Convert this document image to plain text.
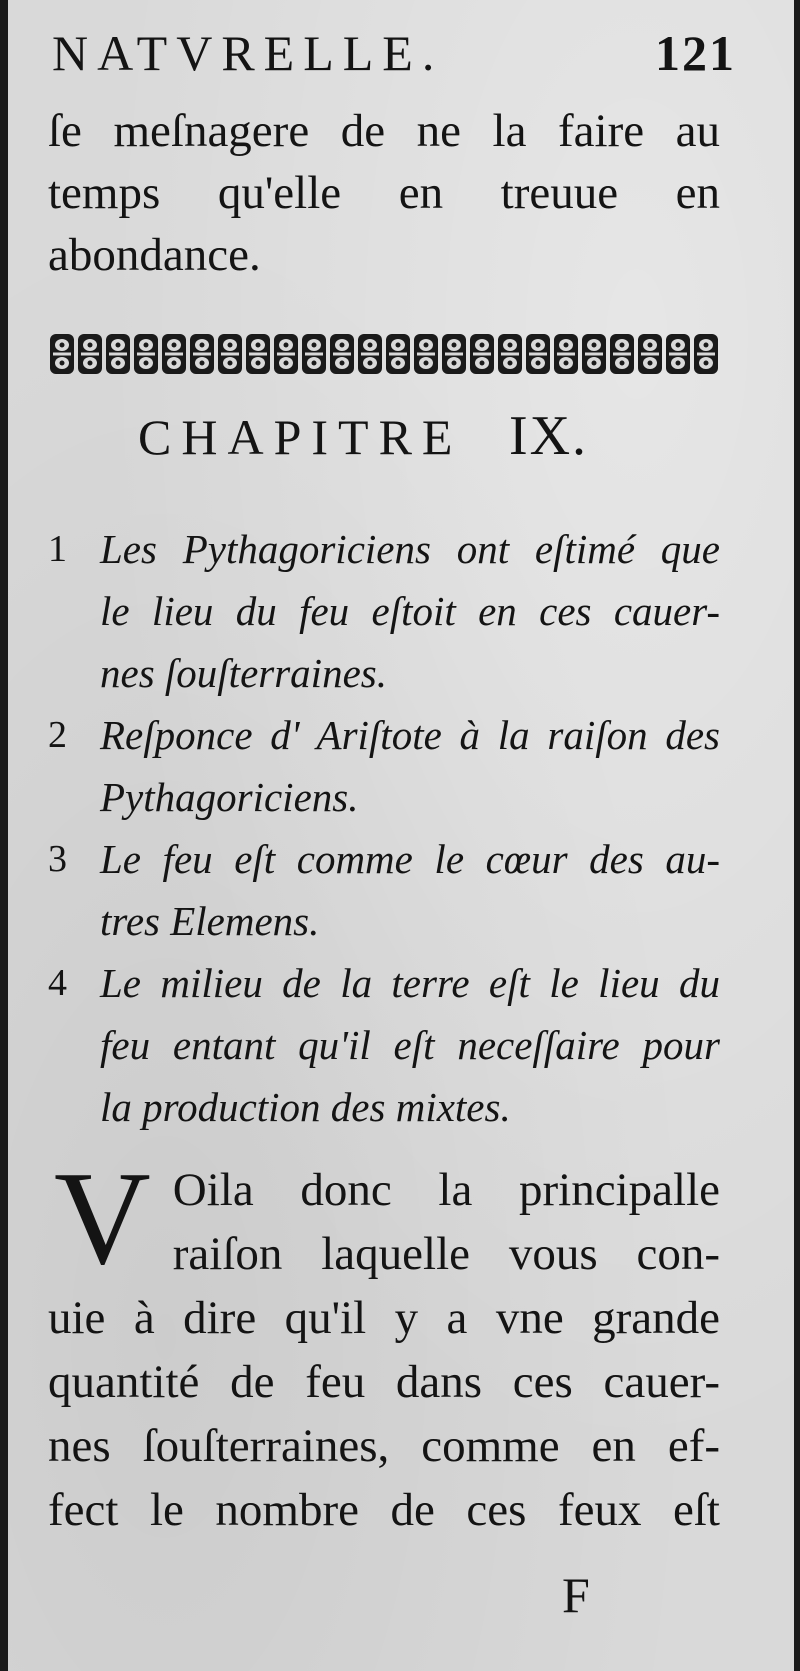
NATVRELLE.	121
ſe meſnagere de ne la faire au
temps qu'elle en treuue en
abondance.
CHAPITRE IX.
1 Les Pythagoriciens ont eſtimé que
le lieu du feu eſtoit en ces cauer-
nes ſouſterraines.
2 Reſponce d' Ariſtote à la raiſon des
Pythagoriciens.
3 Le feu eſt comme le cœur des au-
tres Elemens.
4 Le milieu de la terre eſt le lieu du
feu entant qu'il eſt neceſſaire pour
la production des mixtes.
V Oila donc la principalle
raiſon laquelle vous con-
uie à dire qu'il y a vne grande
quantité de feu dans ces cauer-
nes ſouſterraines, comme en ef-
fect le nombre de ces feux eſt
F
